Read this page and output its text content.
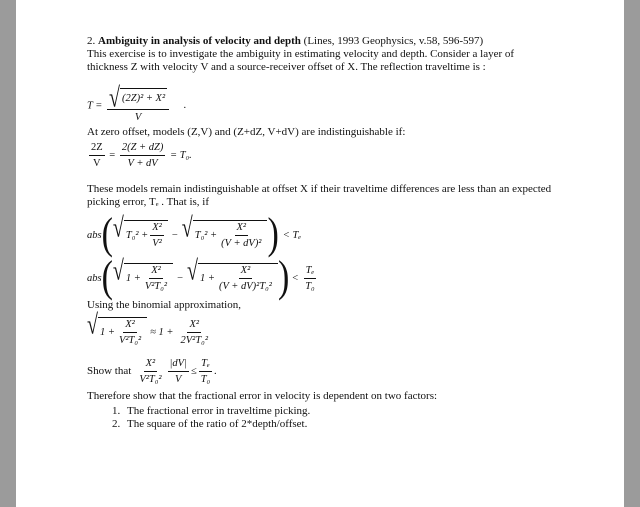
2. Ambiguity in analysis of velocity and depth (Lines, 1993 Geophysics, v.58, 596-597)

This exercise is to investigate the ambiguity in estimating velocity and depth. Consider a layer of thickness Z with velocity V and a source-receiver offset of X. The reflection traveltime is :

$T = \frac{\text{√ (2Z)² + X²}}{V}$ .

At zero offset, models (Z,V) and (Z+dZ, V+dV) are indistinguishable if:

$\frac{2Z}{V} = \frac{2(Z + dZ)}{V + dV} = T_0$.

These models remain indistinguishable at offset X if their traveltime differences are less than an expected picking error, Tₑ . That is, if

abs ( √ $T_0^2 + \frac{\text{X²}}{\text{V²}}$ − √ $T_0^2 + \frac{\text{X²}}{\text{(V + dV)²}}$ ) < Tₑ
abs ( √ $1 + \frac{\text{X²}}{\text{V²T₀²}}$ − √ $1 + \frac{\text{X²}}{\text{(V + dV)²T₀²}}$ ) < $\frac{\text{Tₑ}}{\text{T₀}}$

Using the binomial approximation,

√ $1 + \frac{\text{X²}}{\text{V²T₀²}} \approx 1 + \frac{\text{X²}}{\text{2V²T₀²}}$
Show that $\frac{\text{X²}}{\text{V²T₀²}} \frac{|dV|}{V} \le \frac{\text{Tₑ}}{\text{T₀}}$ .

Therefore show that the fractional error in velocity is dependent on two factors:

1. The fractional error in traveltime picking.
2. The square of the ratio of 2*depth/offset.
